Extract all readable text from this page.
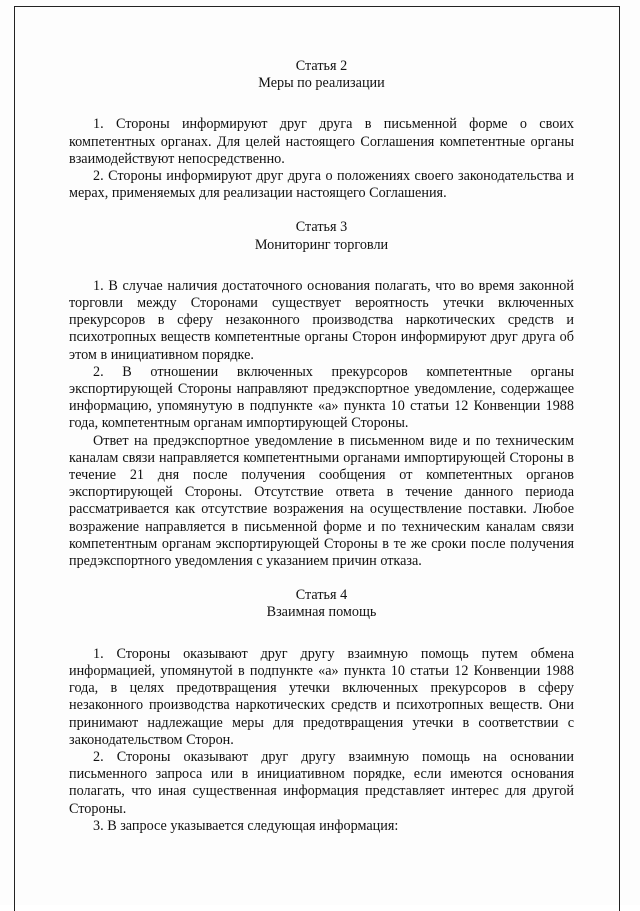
Статья 2

Меры по реализации

1. Стороны информируют друг друга в письменной форме о своих компетентных органах. Для целей настоящего Соглашения компетентные органы взаимодействуют непосредственно.

2. Стороны информируют друг друга о положениях своего законодательства и мерах, применяемых для реализации настоящего Соглашения.

Статья 3

Мониторинг торговли

1. В случае наличия достаточного основания полагать, что во время законной торговли между Сторонами существует вероятность утечки включенных прекурсоров в сферу незаконного производства наркотических средств и психотропных веществ компетентные органы Сторон информируют друг друга об этом в инициативном порядке.

2. В отношении включенных прекурсоров компетентные органы экспортирующей Стороны направляют предэкспортное уведомление, содержащее информацию, упомянутую в подпункте «а» пункта 10 статьи 12 Конвенции 1988 года, компетентным органам импортирующей Стороны.

Ответ на предэкспортное уведомление в письменном виде и по техническим каналам связи направляется компетентными органами импортирующей Стороны в течение 21 дня после получения сообщения от компетентных органов экспортирующей Стороны. Отсутствие ответа в течение данного периода рассматривается как отсутствие возражения на осуществление поставки. Любое возражение направляется в письменной форме и по техническим каналам связи компетентным органам экспортирующей Стороны в те же сроки после получения предэкспортного уведомления с указанием причин отказа.

Статья 4

Взаимная помощь

1. Стороны оказывают друг другу взаимную помощь путем обмена информацией, упомянутой в подпункте «а» пункта 10 статьи 12 Конвенции 1988 года, в целях предотвращения утечки включенных прекурсоров в сферу незаконного производства наркотических средств и психотропных веществ. Они принимают надлежащие меры для предотвращения утечки в соответствии с законодательством Сторон.

2. Стороны оказывают друг другу взаимную помощь на основании письменного запроса или в инициативном порядке, если имеются основания полагать, что иная существенная информация представляет интерес для другой Стороны.

3. В запросе указывается следующая информация:
